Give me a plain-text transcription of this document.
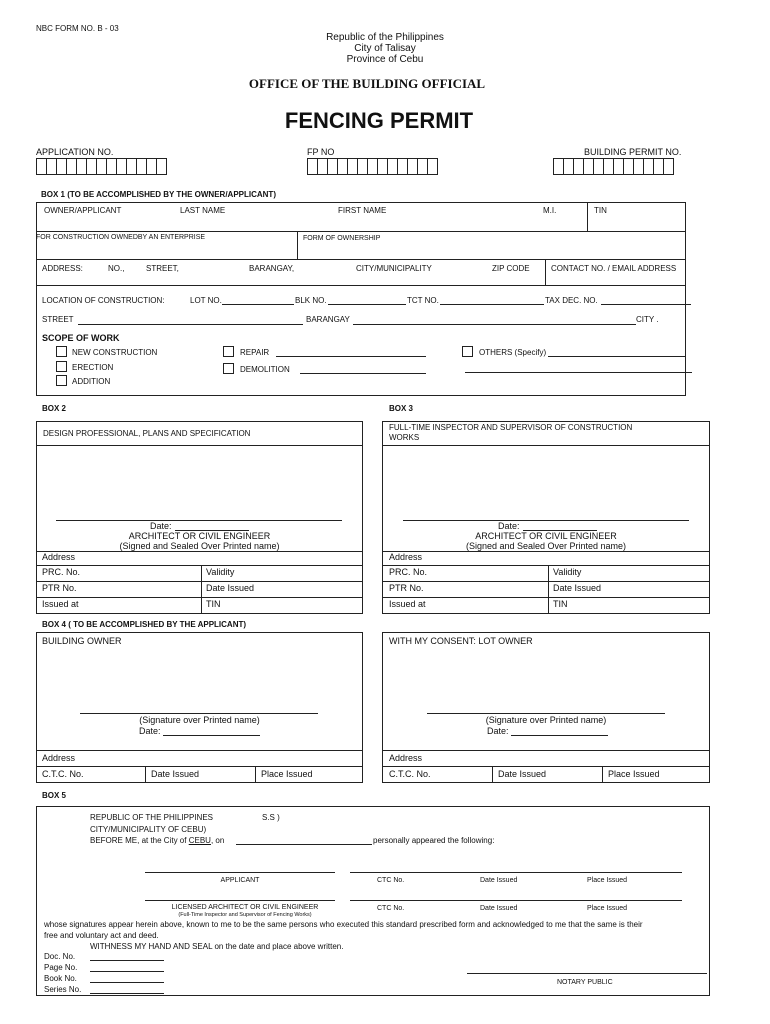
NBC FORM NO. B - 03
Republic of the Philippines
City of Talisay
Province of Cebu
OFFICE OF THE BUILDING OFFICIAL
FENCING PERMIT
APPLICATION NO.	FP NO	BUILDING PERMIT NO.
BOX 1 (TO BE ACCOMPLISHED BY THE OWNER/APPLICANT)
OWNER/APPLICANT	LAST NAME	FIRST NAME	M.I.	TIN
FOR CONSTRUCTION OWNEDBY AN ENTERPRISE	FORM OF OWNERSHIP
ADDRESS:	NO.,	STREET,	BARANGAY,	CITY/MUNICIPALITY	ZIP CODE	CONTACT NO. / EMAIL ADDRESS
LOCATION OF CONSTRUCTION:	LOT NO.	BLK NO.	TCT NO.	TAX DEC. NO.
STREET	BARANGAY	CITY .
SCOPE OF WORK
NEW CONSTRUCTION
ERECTION
ADDITION
REPAIR
DEMOLITION
OTHERS (Specify)
BOX 2
DESIGN PROFESSIONAL, PLANS AND SPECIFICATION
Date:
ARCHITECT OR CIVIL ENGINEER
(Signed and Sealed Over Printed name)
Address
PRC. No.	Validity
PTR No.	Date Issued
Issued at	TIN
BOX 3
FULL-TIME INSPECTOR AND SUPERVISOR OF CONSTRUCTION
WORKS
Date:
ARCHITECT OR CIVIL ENGINEER
(Signed and Sealed Over Printed name)
Address
PRC. No.	Validity
PTR No.	Date Issued
Issued at	TIN
BOX 4 ( TO BE ACCOMPLISHED BY THE APPLICANT)
BUILDING OWNER
(Signature over Printed name)
Date:
Address
C.T.C. No.	Date Issued	Place Issued
WITH MY CONSENT: LOT OWNER
(Signature over Printed name)
Date:
Address
C.T.C. No.	Date Issued	Place Issued
BOX 5
REPUBLIC OF THE PHILIPPINES	S.S )
CITY/MUNICIPALITY OF CEBU)
BEFORE ME, at the City of CEBU, on	personally appeared the following:
APPLICANT	CTC No.	Date Issued	Place Issued
LICENSED ARCHITECT OR CIVIL ENGINEER
(Full-Time Inspector and Supervisor of Fencing Works)
CTC No.	Date Issued	Place Issued
whose signatures appear herein above, known to me to be the same persons who executed this standard prescribed form and acknowledged to me that the same is their
free and voluntary act and deed.
WITHNESS MY HAND AND SEAL on the date and place above written.
Doc. No.
Page No.
Book No.
Series No.
NOTARY PUBLIC
